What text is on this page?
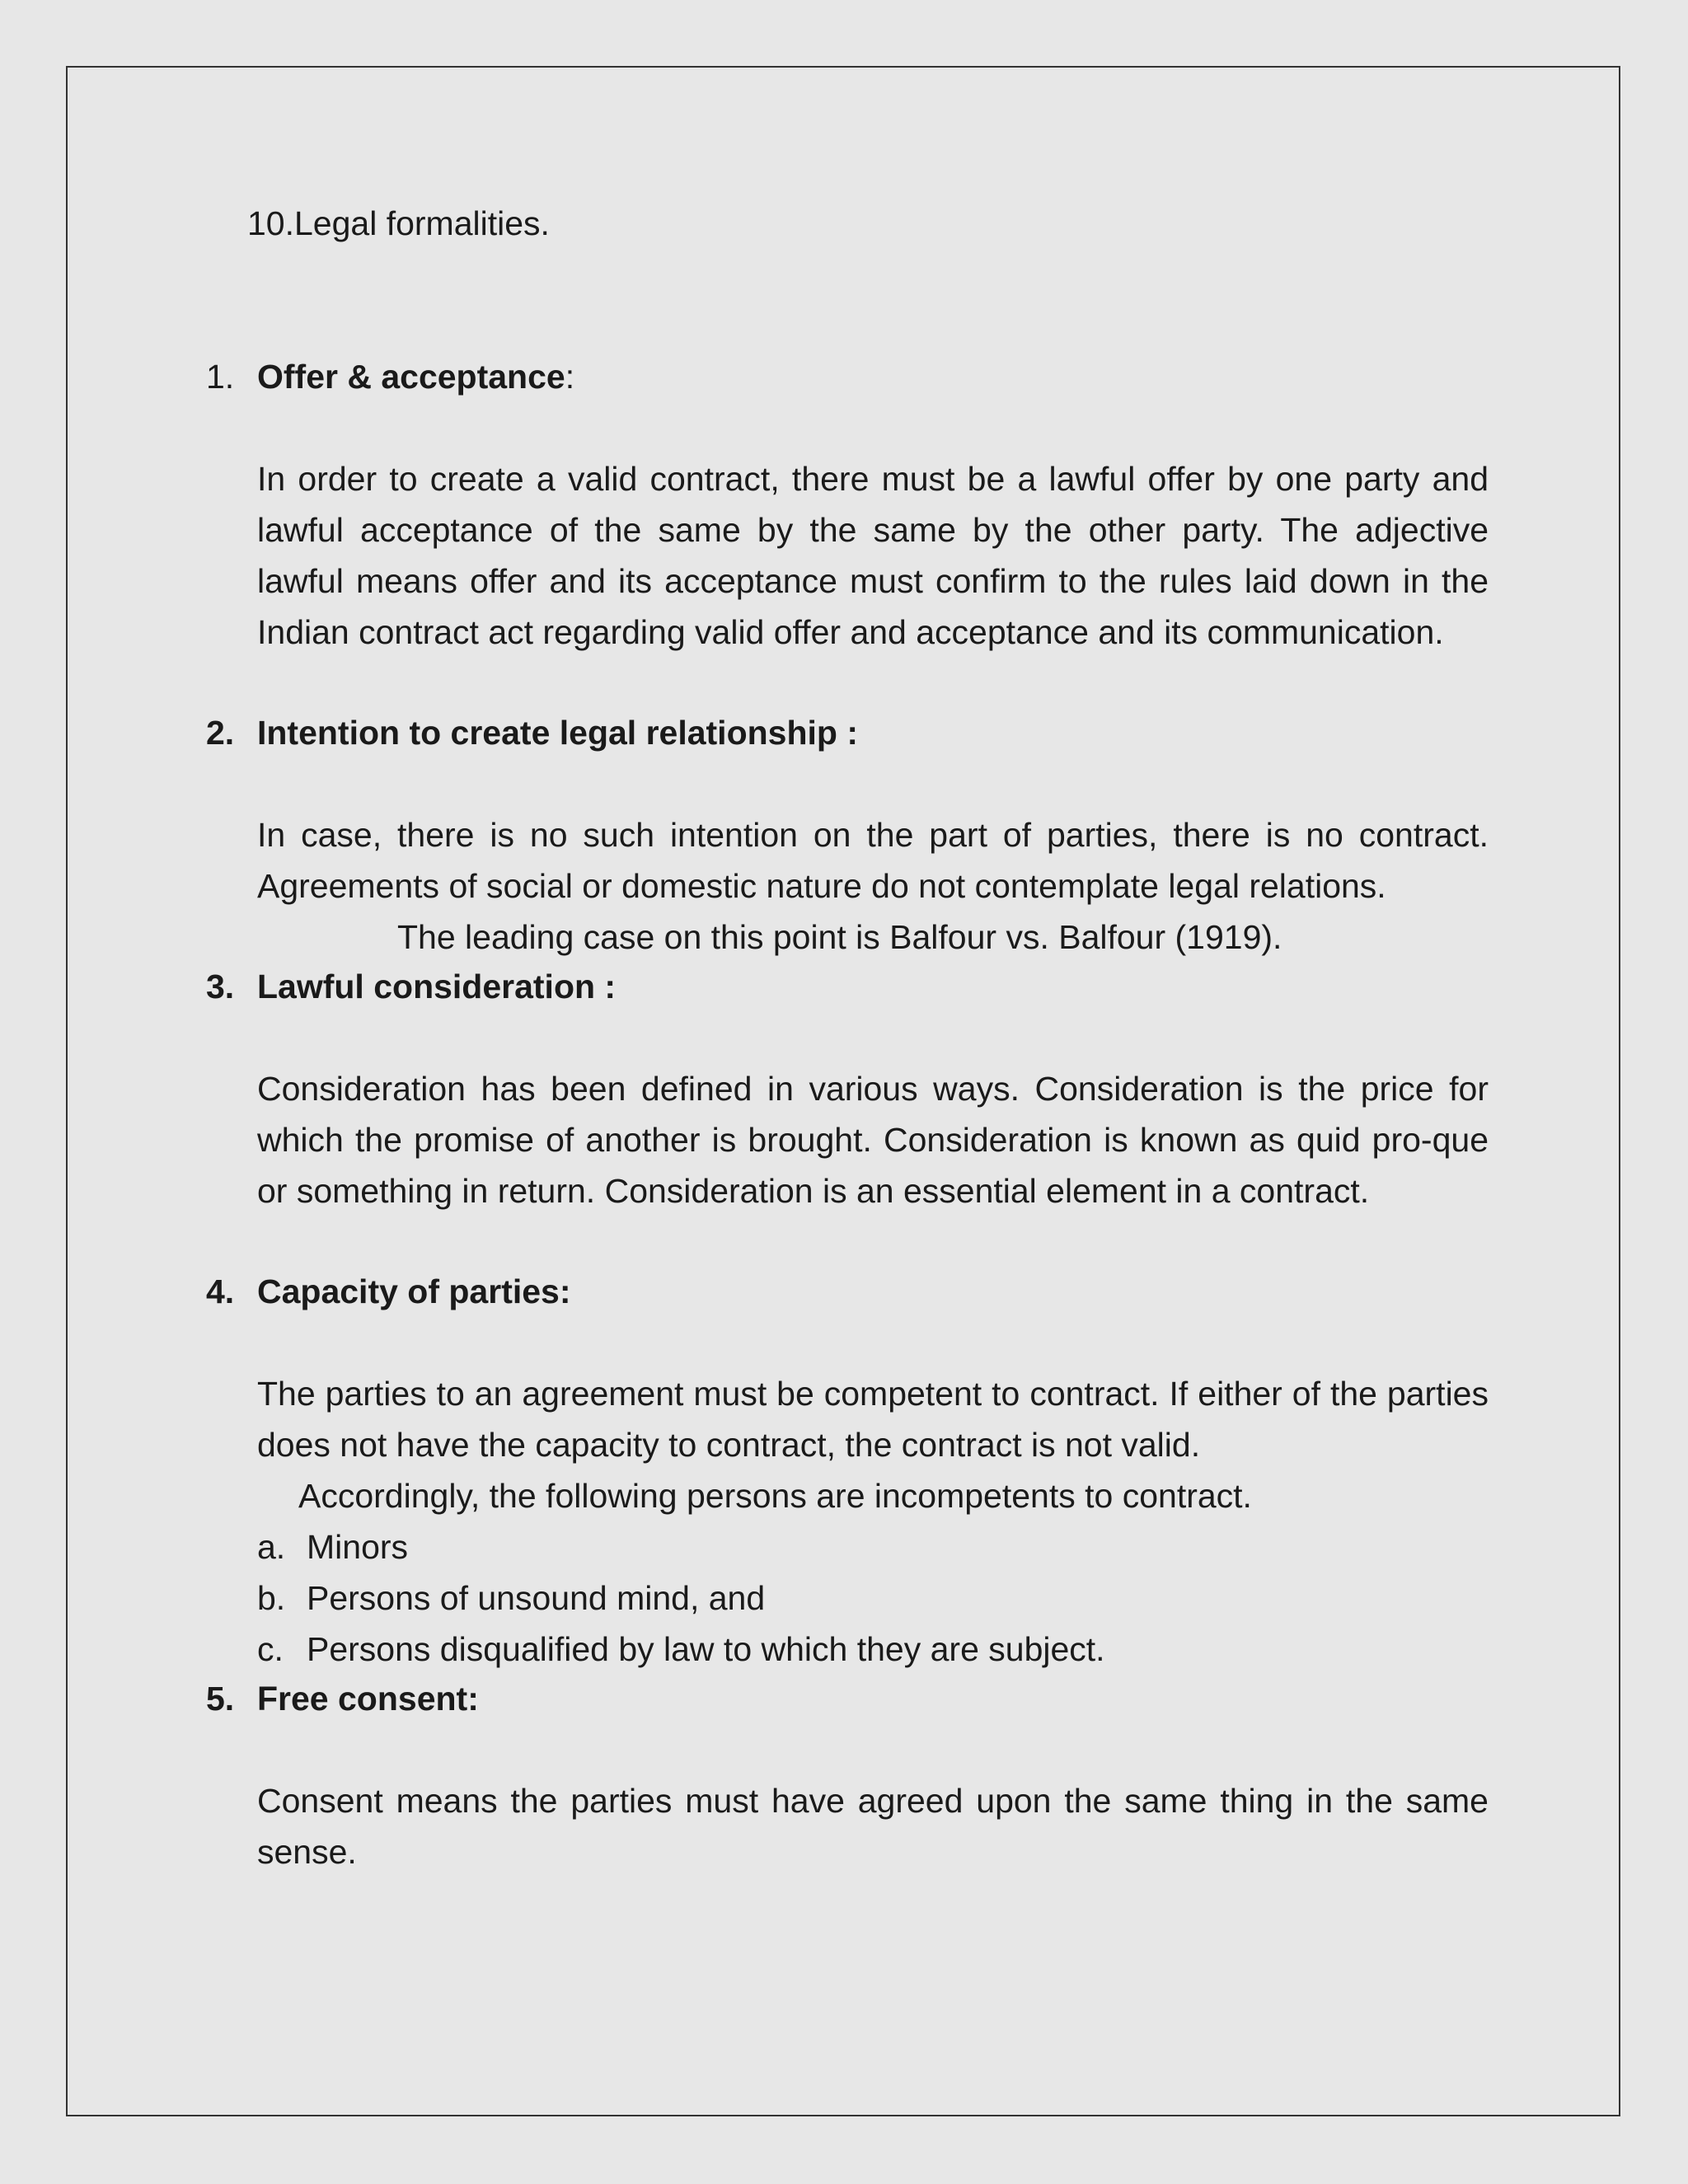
10.Legal formalities.
1. Offer & acceptance :
In order to create a valid contract, there must be a lawful offer by one party and lawful acceptance of the same by the same by the other party. The adjective lawful means offer and its acceptance must confirm to the rules laid down in the Indian contract act regarding valid offer and acceptance and its communication.
2. Intention to create legal relationship :
In case, there is no such intention on the part of parties, there is no contract. Agreements of social or domestic nature do not contemplate legal relations.
The leading case on this point is Balfour vs. Balfour (1919).
3. Lawful consideration :
Consideration has been defined in various ways. Consideration is the price for which the promise of another is brought. Consideration is known as quid pro-que or something in return. Consideration is an essential element in a contract.
4. Capacity of parties:
The parties to an agreement must be competent to contract. If either of the parties does not have the capacity to contract, the contract is not valid.
Accordingly, the following persons are incompetents to contract.
a. Minors
b. Persons of unsound mind, and
c. Persons disqualified by law to which they are subject.
5. Free consent:
Consent means the parties must have agreed upon the same thing in the same sense.
